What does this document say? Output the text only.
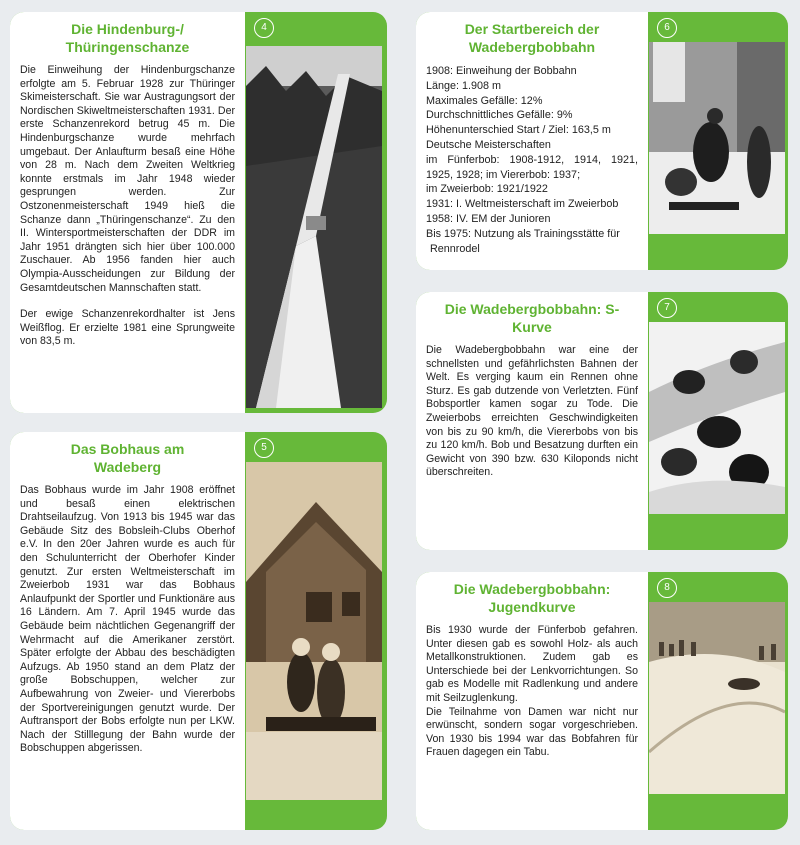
Die Hindenburg-/ Thüringenschanze

Die Einweihung der Hindenburgschanze erfolgte am 5. Februar 1928 zur Thüringer Skimeisterschaft. Sie war Austragungsort der Nordischen Skiweltmeisterschaften 1931. Der erste Schanzenrekord betrug 45 m. Die Hindenburgschanze wurde mehrfach umgebaut. Der Anlaufturm besaß eine Höhe von 28 m. Nach dem Zweiten Weltkrieg konnte erstmals im Jahr 1948 wieder gesprungen werden. Zur Ostzonenmeisterschaft 1949 hieß die Schanze dann „Thüringenschanze“. Zu den II. Wintersportmeisterschaften der DDR im Jahr 1951 drängten sich hier über 100.000 Zuschauer. Ab 1956 fanden hier auch Olympia-Ausscheidungen zur Bildung der Gesamtdeutschen Mannschaften statt.

Der ewige Schanzenrekordhalter ist Jens Weißflog. Er erzielte 1981 eine Sprungweite von 83,5 m.

4
Das Bobhaus am Wadeberg

Das Bobhaus wurde im Jahr 1908 eröffnet und besaß einen elektrischen Drahtseilaufzug. Von 1913 bis 1945 war das Gebäude Sitz des Bobsleih-Clubs Oberhof e.V. In den 20er Jahren wurde es auch für den Schulunterricht der Oberhofer Kinder genutzt. Zur ersten Weltmeisterschaft im Zweierbob 1931 war das Bobhaus Anlaufpunkt der Sportler und Funktionäre aus 16 Ländern. Am 7. April 1945 wurde das Gebäude beim nächtlichen Gegenangriff der Wehrmacht auf die Amerikaner zerstört. Später erfolgte der Abbau des beschädigten Aufzugs. Ab 1950 stand an dem Platz der große Bobschuppen, welcher zur Aufbewahrung von Zweier- und Viererbobs der Sportvereinigungen genutzt wurde. Der Auftransport der Bobs erfolgte nun per LKW. Nach der Stilllegung der Bahn wurde der Bobschuppen abgerissen.

5
Der Startbereich der Wadebergbobbahn
1908: Einweihung der Bobbahn
Länge: 1.908 m
Maximales Gefälle: 12%
Durchschnittliches Gefälle: 9%
Höhenunterschied Start / Ziel: 163,5 m
Deutsche Meisterschaften
im Fünferbob: 1908-1912, 1914, 1921, 1925, 1928; im Viererbob: 1937;
im Zweierbob: 1921/1922
1931: I. Weltmeisterschaft im Zweierbob
1958: IV. EM der Junioren
Bis 1975: Nutzung als Trainingsstätte für
Rennrodel
6
Die Wadebergbobbahn: S-Kurve

Die Wadebergbobbahn war eine der schnellsten und gefährlichsten Bahnen der Welt. Es verging kaum ein Rennen ohne Sturz. Es gab dutzende von Verletzten. Fünf Bobsportler kamen sogar zu Tode. Die Zweierbobs erreichten Geschwindigkeiten von bis zu 90 km/h, die Viererbobs von bis zu 120 km/h. Bob und Besatzung durften ein Gewicht von 390 bzw. 630 Kiloponds nicht überschreiten.

7
Die Wadebergbobbahn: Jugendkurve

Bis 1930 wurde der Fünferbob gefahren. Unter diesen gab es sowohl Holz- als auch Metallkonstruktionen. Zudem gab es Unterschiede bei der Lenkvorrichtungen. So gab es Modelle mit Radlenkung und andere mit Seilzuglenkung.

Die Teilnahme von Damen war nicht nur erwünscht, sondern sogar vorgeschrieben. Von 1930 bis 1994 war das Bobfahren für Frauen dagegen ein Tabu.

8
